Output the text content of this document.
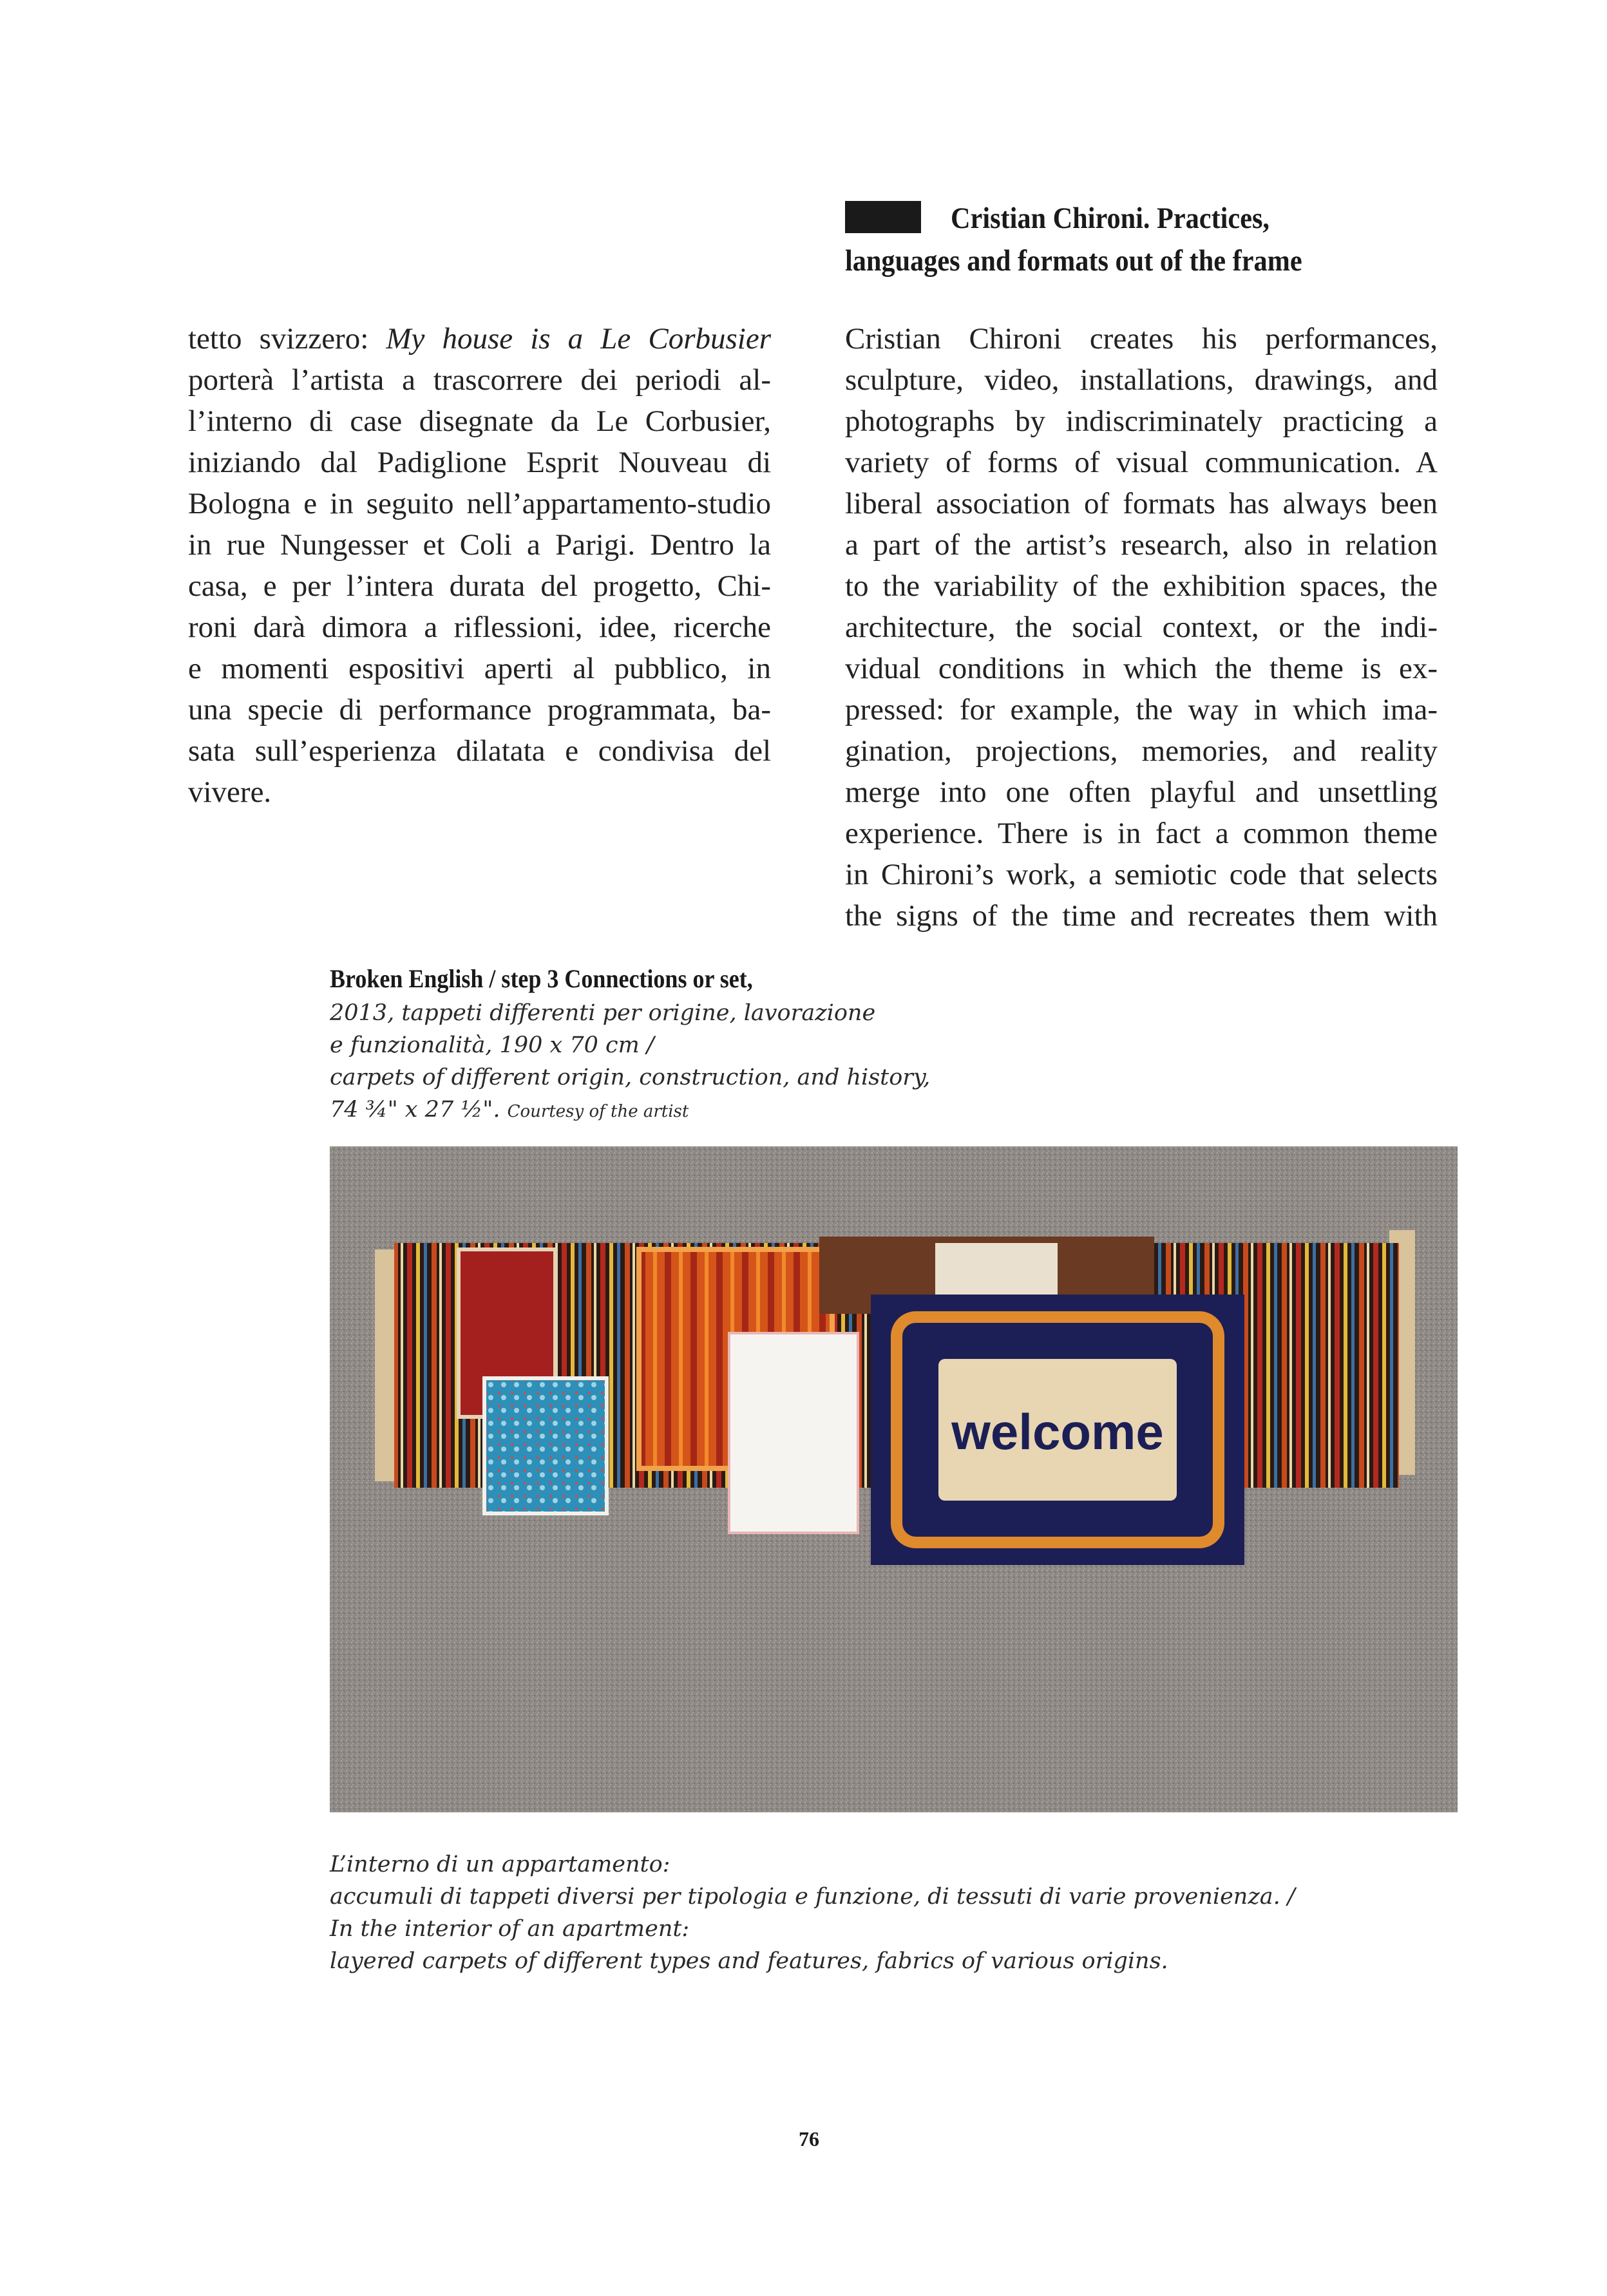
Cristian Chironi. Practices,
languages and formats out of the frame
tetto svizzero: My house is a Le Corbusier
porterà l’artista a trascorrere dei periodi al-
l’interno di case disegnate da Le Corbusier,
iniziando dal Padiglione Esprit Nouveau di
Bologna e in seguito nell’appartamento-studio
in rue Nungesser et Coli a Parigi. Dentro la
casa, e per l’intera durata del progetto, Chi-
roni darà dimora a riflessioni, idee, ricerche
e momenti espositivi aperti al pubblico, in
una specie di performance programmata, ba-
sata sull’esperienza dilatata e condivisa del
vivere.
Cristian Chironi creates his performances,
sculpture, video, installations, drawings, and
photographs by indiscriminately practicing a
variety of forms of visual communication. A
liberal association of formats has always been
a part of the artist’s research, also in relation
to the variability of the exhibition spaces, the
architecture, the social context, or the indi-
vidual conditions in which the theme is ex-
pressed: for example, the way in which ima-
gination, projections, memories, and reality
merge into one often playful and unsettling
experience. There is in fact a common theme
in Chironi’s work, a semiotic code that selects
the signs of the time and recreates them with
Broken English / step 3 Connections or set,
2013, tappeti differenti per origine, lavorazione
e funzionalità, 190 x 70 cm /
carpets of different origin, construction, and history,
74 ¾" x 27 ½". Courtesy of the artist
welcome
L’interno di un appartamento:
accumuli di tappeti diversi per tipologia e funzione, di tessuti di varie provenienza. /
In the interior of an apartment:
layered carpets of different types and features, fabrics of various origins.
76
